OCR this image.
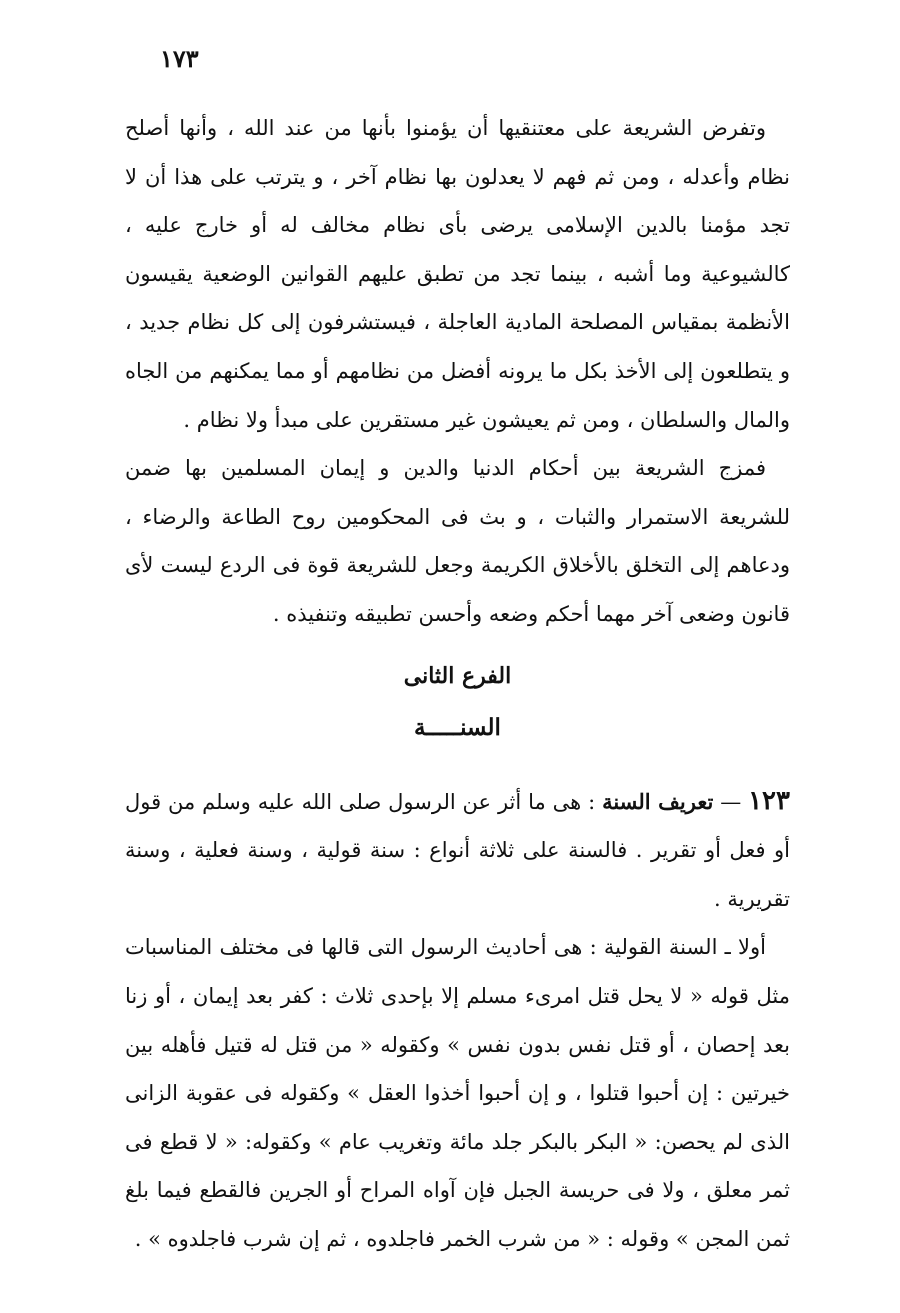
١٧٣

وتفرض الشريعة على معتنقيها أن يؤمنوا بأنها من عند الله ، وأنها أصلح نظام وأعدله ، ومن ثم فهم لا يعدلون بها نظام آخر ، و يترتب على هذا أن لا تجد مؤمنا بالدين الإسلامى يرضى بأى نظام مخالف له أو خارج عليه ، كالشيوعية وما أشبه ، بينما تجد من تطبق عليهم القوانين الوضعية يقيسون الأنظمة بمقياس المصلحة المادية العاجلة ، فيستشرفون إلى كل نظام جديد ، و يتطلعون إلى الأخذ بكل ما يرونه أفضل من نظامهم أو مما يمكنهم من الجاه والمال والسلطان ، ومن ثم يعيشون غير مستقرين على مبدأ ولا نظام .

فمزج الشريعة بين أحكام الدنيا والدين و إيمان المسلمين بها ضمن للشريعة الاستمرار والثبات ، و بث فى المحكومين روح الطاعة والرضاء ، ودعاهم إلى التخلق بالأخلاق الكريمة وجعل للشريعة قوة فى الردع ليست لأى قانون وضعى آخر مهما أحكم وضعه وأحسن تطبيقه وتنفيذه .

الفرع الثانى

السنـــــة

١٢٣ — تعريف السنة : هى ما أثر عن الرسول صلى الله عليه وسلم من قول أو فعل أو تقرير . فالسنة على ثلاثة أنواع : سنة قولية ، وسنة فعلية ، وسنة تقريرية .

أولا ـ السنة القولية : هى أحاديث الرسول التى قالها فى مختلف المناسبات مثل قوله « لا يحل قتل امرىء مسلم إلا بإحدى ثلاث : كفر بعد إيمان ، أو زنا بعد إحصان ، أو قتل نفس بدون نفس » وكقوله « من قتل له قتيل فأهله بين خيرتين : إن أحبوا قتلوا ، و إن أحبوا أخذوا العقل » وكقوله فى عقوبة الزانى الذى لم يحصن: « البكر بالبكر جلد مائة وتغريب عام » وكقوله: « لا قطع فى ثمر معلق ، ولا فى حريسة الجبل فإن آواه المراح أو الجرين فالقطع فيما بلغ ثمن المجن » وقوله : « من شرب الخمر فاجلدوه ، ثم إن شرب فاجلدوه » .
